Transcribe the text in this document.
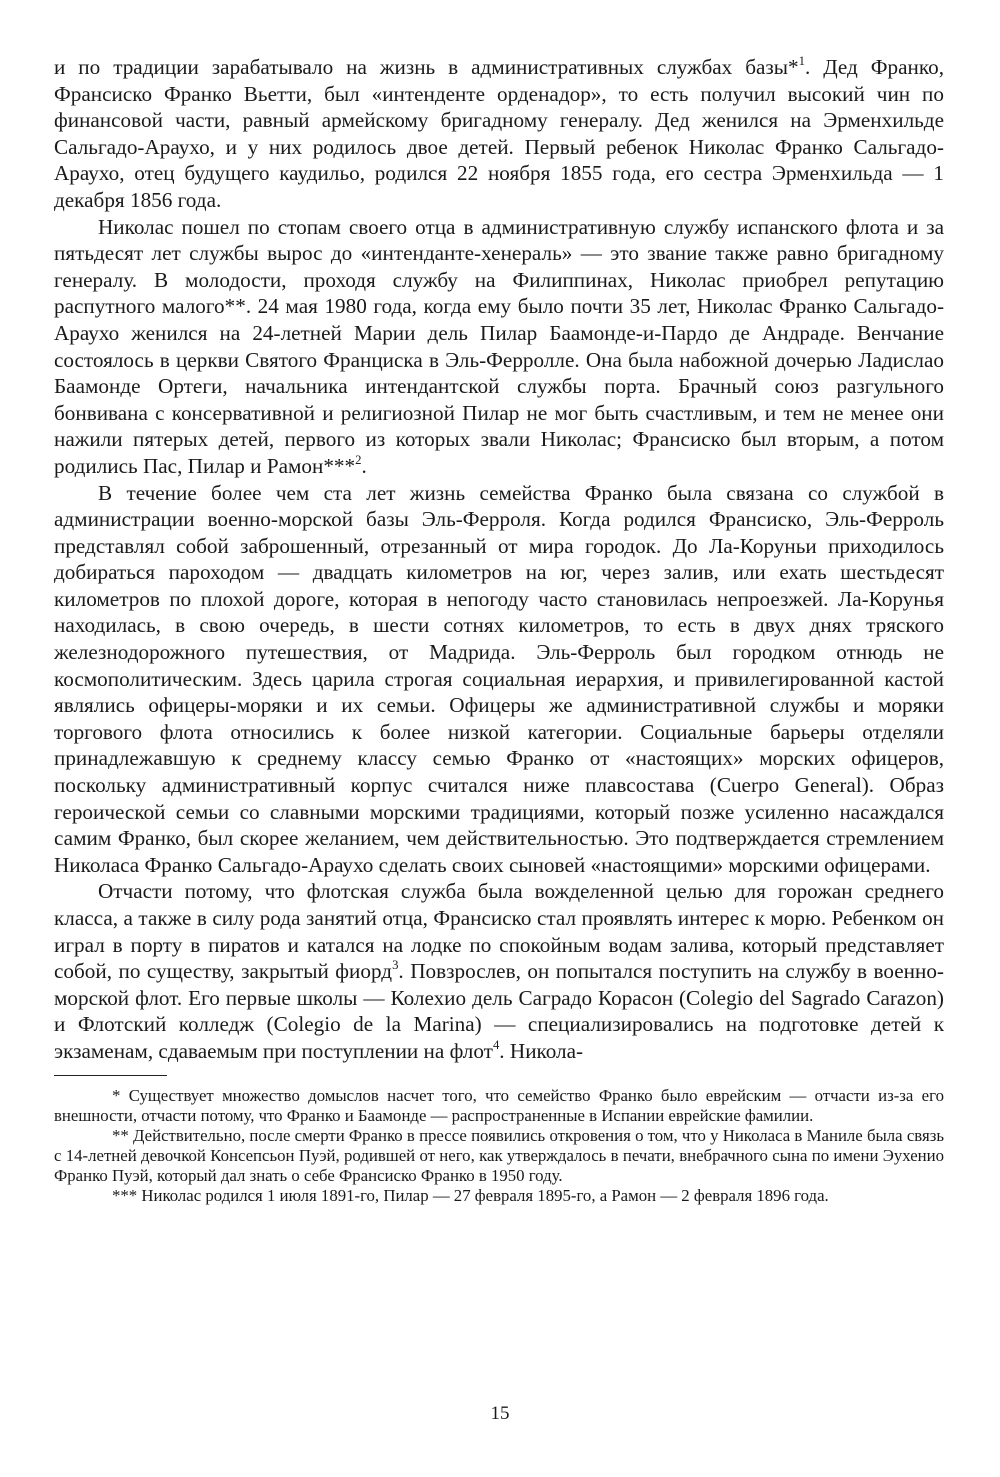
и по традиции зарабатывало на жизнь в административных службах базы*$^1$. Дед Франко, Франсиско Франко Вьетти, был «интенденте орденадор», то есть получил высокий чин по финансовой части, равный армейскому бригадному генералу. Дед женился на Эрменхильде Сальгадо-Араухо, и у них родилось двое детей. Первый ребенок Николас Франко Сальгадо-Араухо, отец будущего каудильо, родился 22 ноября 1855 года, его сестра Эрменхильда — 1 декабря 1856 года.

Николас пошел по стопам своего отца в административную службу испанского флота и за пятьдесят лет службы вырос до «интенданте-хенераль» — это звание также равно бригадному генералу. В молодости, проходя службу на Филиппинах, Николас приобрел репутацию распутного малого**. 24 мая 1980 года, когда ему было почти 35 лет, Николас Франко Сальгадо-Араухо женился на 24-летней Марии дель Пилар Баамонде-и-Пардо де Андраде. Венчание состоялось в церкви Святого Франциска в Эль-Ферролле. Она была набожной дочерью Ладислао Баамонде Ортеги, начальника интендантской службы порта. Брачный союз разгульного бонвивана с консервативной и религиозной Пилар не мог быть счастливым, и тем не менее они нажили пятерых детей, первого из которых звали Николас; Франсиско был вторым, а потом родились Пас, Пилар и Рамон***$^2$.

В течение более чем ста лет жизнь семейства Франко была связана со службой в администрации военно-морской базы Эль-Ферроля. Когда родился Франсиско, Эль-Ферроль представлял собой заброшенный, отрезанный от мира городок. До Ла-Коруньи приходилось добираться пароходом — двадцать километров на юг, через залив, или ехать шестьдесят километров по плохой дороге, которая в непогоду часто становилась непроезжей. Ла-Корунья находилась, в свою очередь, в шести сотнях километров, то есть в двух днях тряского железнодорожного путешествия, от Мадрида. Эль-Ферроль был городком отнюдь не космополитическим. Здесь царила строгая социальная иерархия, и привилегированной кастой являлись офицеры-моряки и их семьи. Офицеры же административной службы и моряки торгового флота относились к более низкой категории. Социальные барьеры отделяли принадлежавшую к среднему классу семью Франко от «настоящих» морских офицеров, поскольку административный корпус считался ниже плавсостава (Cuerpo General). Образ героической семьи со славными морскими традициями, который позже усиленно насаждался самим Франко, был скорее желанием, чем действительностью. Это подтверждается стремлением Николаса Франко Сальгадо-Араухо сделать своих сыновей «настоящими» морскими офицерами.

Отчасти потому, что флотская служба была вожделенной целью для горожан среднего класса, а также в силу рода занятий отца, Франсиско стал проявлять интерес к морю. Ребенком он играл в порту в пиратов и катался на лодке по спокойным водам залива, который представляет собой, по существу, закрытый фиорд$^3$. Повзрослев, он попытался поступить на службу в военно-морской флот. Его первые школы — Колехио дель Саградо Корасон (Colegio del Sagrado Carazon) и Флотский колледж (Colegio de la Marina) — специализировались на подготовке детей к экзаменам, сдаваемым при поступлении на флот$^4$. Никола-

* Существует множество домыслов насчет того, что семейство Франко было еврейским — отчасти из-за его внешности, отчасти потому, что Франко и Баамонде — распространенные в Испании еврейские фамилии.

** Действительно, после смерти Франко в прессе появились откровения о том, что у Николаса в Маниле была связь с 14-летней девочкой Консепсьон Пуэй, родившей от него, как утверждалось в печати, внебрачного сына по имени Эухенио Франко Пуэй, который дал знать о себе Франсиско Франко в 1950 году.

*** Николас родился 1 июля 1891-го, Пилар — 27 февраля 1895-го, а Рамон — 2 февраля 1896 года.

15
